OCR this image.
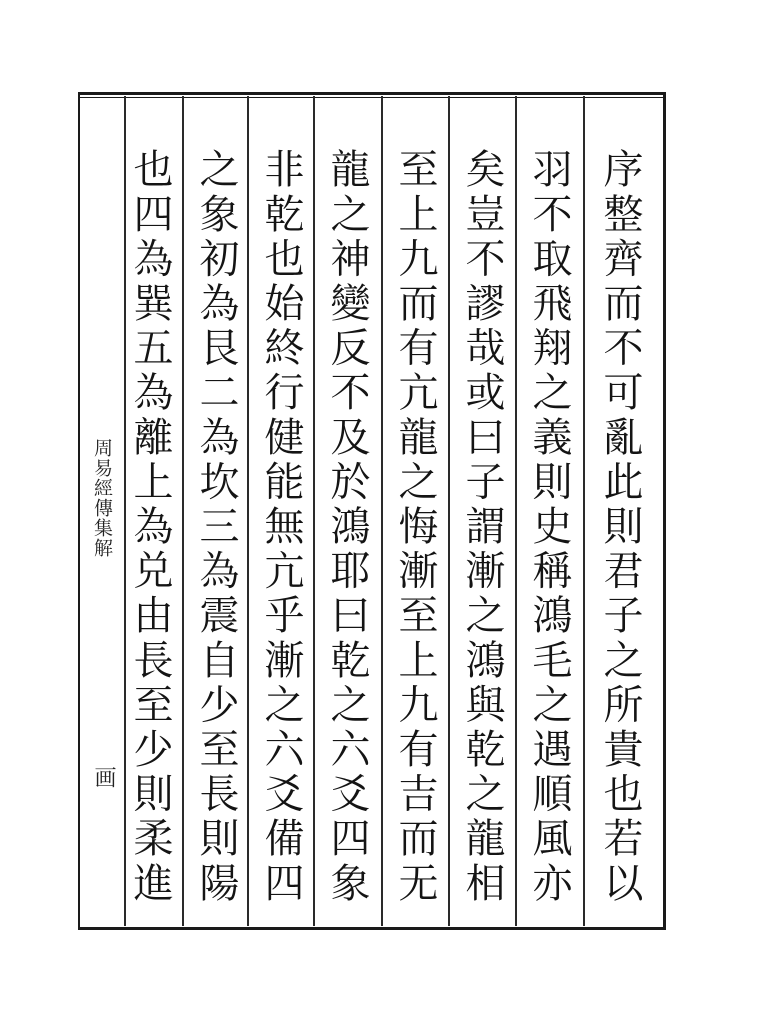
周易經傳集解
画
序整齊而不可亂此則君子之所貴也若以
羽不取飛翔之義則史稱鴻毛之遇順風亦
矣豈不謬哉或曰子謂漸之鴻與乾之龍相
至上九而有亢龍之悔漸至上九有吉而无
龍之神變反不及於鴻耶曰乾之六爻四象
非乾也始終行健能無亢乎漸之六爻備四
之象初為艮二為坎三為震自少至長則陽
也四為巽五為離上為兑由長至少則柔進
